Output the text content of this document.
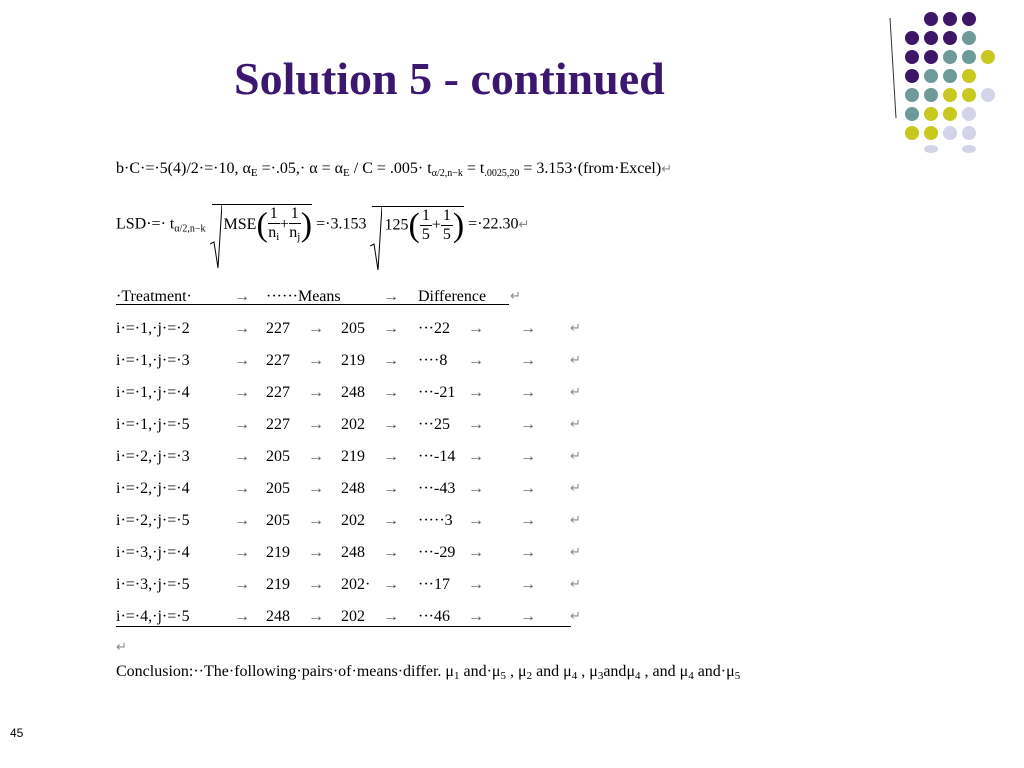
Solution 5 - continued
45
b·C·=·5(4)/2·=·10, $\alpha_E =\cdot.05,\cdot \alpha = \alpha_E / C = .005\cdot t\alpha/2,n-k = t.0025,20$ = 3.153·(from·Excel)↵
LSD·=· tα/2,n−k $MSE( \frac{1}{n_i} + \frac{1}{n_j}$ ) =·3.153 $125( \frac{1}{5} + \frac{1}{5}$ ) =·22.30↵
·Treatment·	→ ······Means	→ Difference ↵
i·=·1,·j·=·2	→ 227 → 205 → ···22 → →	↵
i·=·1,·j·=·3	→ 227 → 219 → ····8 → →	↵
i·=·1,·j·=·4	→ 227 → 248 → ···-21 → →	↵
i·=·1,·j·=·5	→ 227 → 202 → ···25 → →	↵
i·=·2,·j·=·3	→ 205 → 219 → ···-14 → →	↵
i·=·2,·j·=·4	→ 205 → 248 → ···-43 → →	↵
i·=·2,·j·=·5	→ 205 → 202 → ·····3 → →	↵
i·=·3,·j·=·4	→ 219 → 248 → ···-29 → →	↵
i·=·3,·j·=·5	→ 219 → 202· → ···17 → →	↵
i·=·4,·j·=·5	→ 248 → 202 → ···46 → →	↵
↵
Conclusion:··The·following·pairs·of·means·differ. $\mu_1$ $and\cdot\mu_5$ , $\mu_2$ and $\mu_4$ , $\mu_3and\mu_4$ , and $\mu_4$ $and\cdot\mu_5$
